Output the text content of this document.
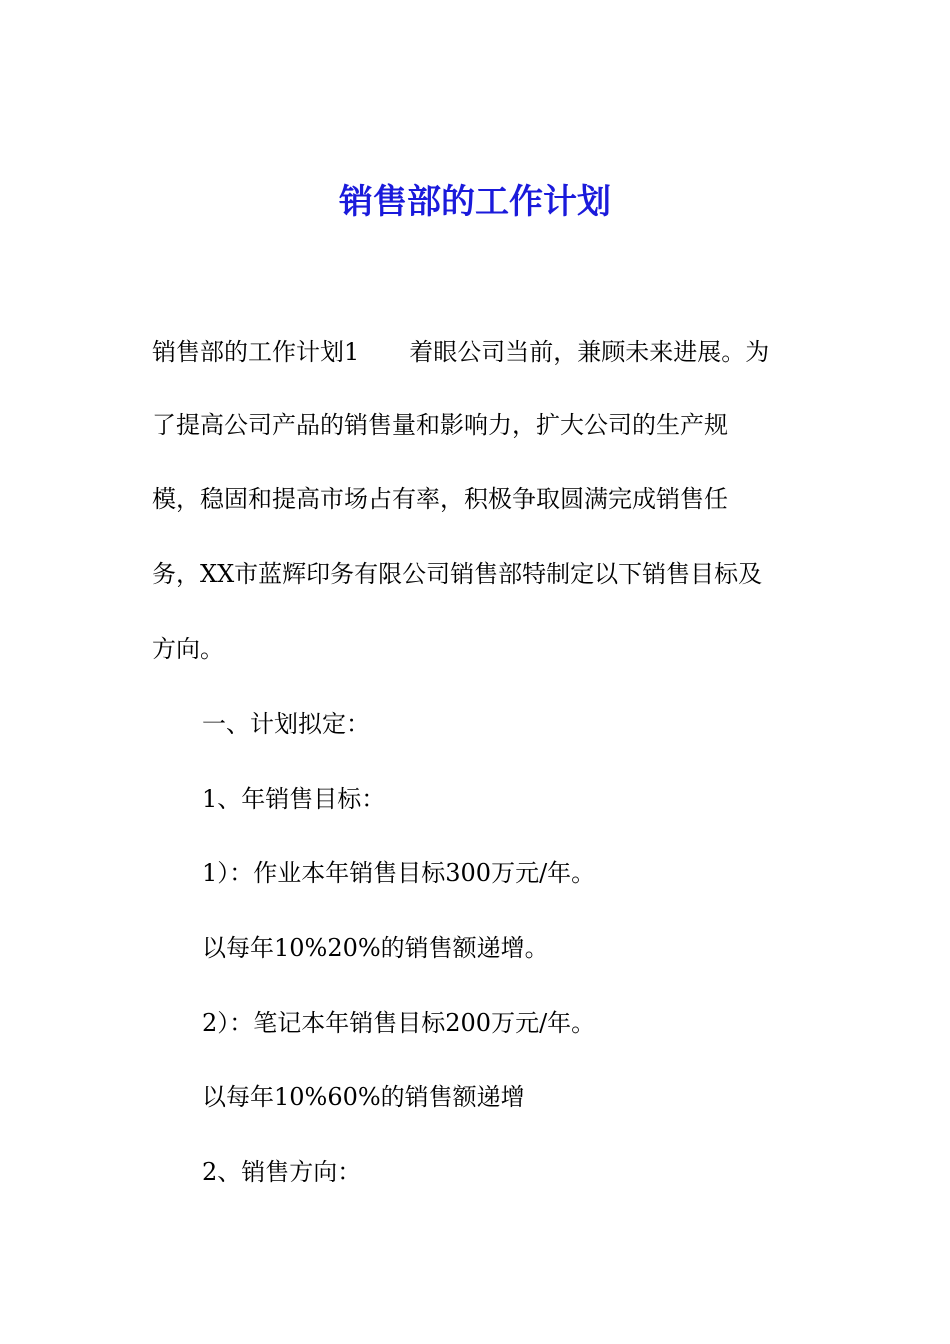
销售部的工作计划

销售部的工作计划1 着眼公司当前，兼顾未来进展。为

了提高公司产品的销售量和影响力，扩大公司的生产规

模，稳固和提高市场占有率，积极争取圆满完成销售任

务，XX市蓝辉印务有限公司销售部特制定以下销售目标及

方向。

一、计划拟定：

1、年销售目标：

1）：作业本年销售目标300万元/年。

以每年10%20%的销售额递增。

2）：笔记本年销售目标200万元/年。

以每年10%60%的销售额递增

2、销售方向：
